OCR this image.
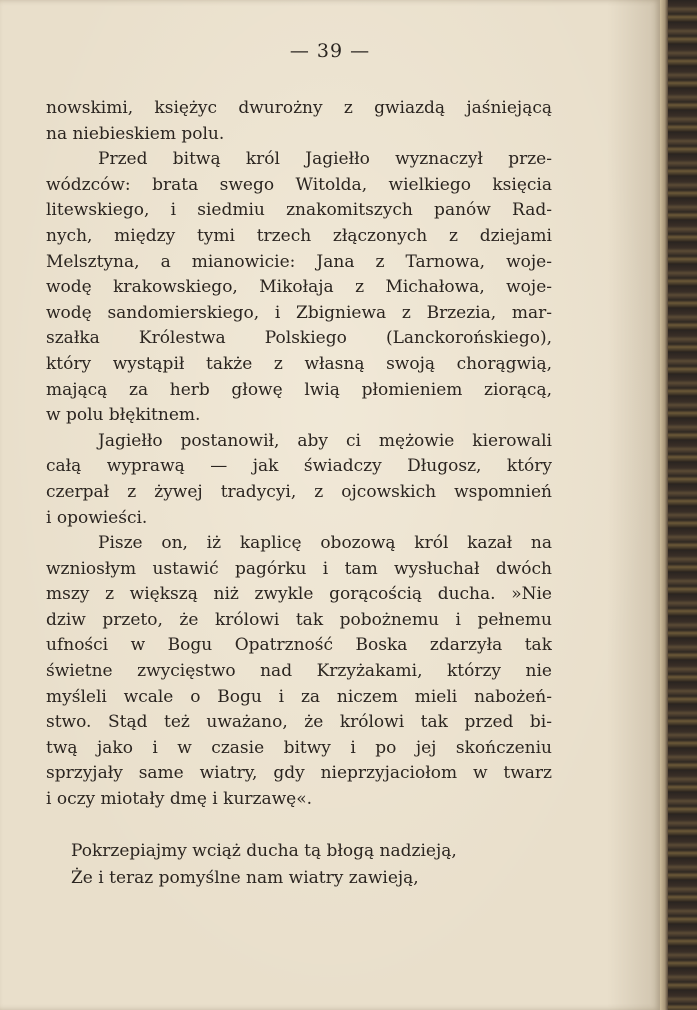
— 39 —
nowskimi, księżyc dwurożny z gwiazdą jaśniejącą
na niebieskiem polu.
Przed bitwą król Jagiełło wyznaczył prze-
wódzców: brata swego Witolda, wielkiego księcia
litewskiego, i siedmiu znakomitszych panów Rad-
nych, między tymi trzech złączonych z dziejami
Melsztyna, a mianowicie: Jana z Tarnowa, woje-
wodę krakowskiego, Mikołaja z Michałowa, woje-
wodę sandomierskiego, i Zbigniewa z Brzezia, mar-
szałka Królestwa Polskiego (Lanckorońskiego),
który wystąpił także z własną swoją chorągwią,
mającą za herb głowę lwią płomieniem ziorącą,
w polu błękitnem.
Jagiełło postanowił, aby ci mężowie kierowali
całą wyprawą — jak świadczy Długosz, który
czerpał z żywej tradycyi, z ojcowskich wspomnień
i opowieści.
Pisze on, iż kaplicę obozową król kazał na
wzniosłym ustawić pagórku i tam wysłuchał dwóch
mszy z większą niż zwykle gorącością ducha. »Nie
dziw przeto, że królowi tak pobożnemu i pełnemu
ufności w Bogu Opatrzność Boska zdarzyła tak
świetne zwycięstwo nad Krzyżakami, którzy nie
myśleli wcale o Bogu i za niczem mieli nabożeń-
stwo. Stąd też uważano, że królowi tak przed bi-
twą jako i w czasie bitwy i po jej skończeniu
sprzyjały same wiatry, gdy nieprzyjaciołom w twarz
i oczy miotały dmę i kurzawę«.
Pokrzepiajmy wciąż ducha tą błogą nadzieją,
Że i teraz pomyślne nam wiatry zawieją,
